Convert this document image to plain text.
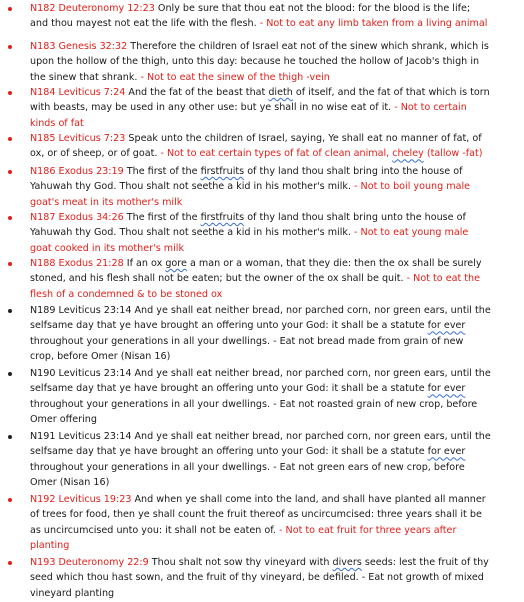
N182 Deuteronomy 12:23 Only be sure that thou eat not the blood: for the blood is the life;
and thou mayest not eat the life with the flesh. - Not to eat any limb taken from a living animal
N183 Genesis 32:32 Therefore the children of Israel eat not of the sinew which shrank, which is
upon the hollow of the thigh, unto this day: because he touched the hollow of Jacob's thigh in
the sinew that shrank. - Not to eat the sinew of the thigh -vein
N184 Leviticus 7:24 And the fat of the beast that dieth of itself, and the fat of that which is torn
with beasts, may be used in any other use: but ye shall in no wise eat of it. - Not to certain
kinds of fat
N185 Leviticus 7:23 Speak unto the children of Israel, saying, Ye shall eat no manner of fat, of
ox, or of sheep, or of goat. - Not to eat certain types of fat of clean animal, cheley (tallow -fat)
N186 Exodus 23:19 The first of the firstfruits of thy land thou shalt bring into the house of
Yahuwah thy God. Thou shalt not seethe a kid in his mother's milk. - Not to boil young male
goat's meat in its mother's milk
N187 Exodus 34:26 The first of the firstfruits of thy land thou shalt bring unto the house of
Yahuwah thy God. Thou shalt not seethe a kid in his mother's milk. - Not to eat young male
goat cooked in its mother's milk
N188 Exodus 21:28 If an ox gore a man or a woman, that they die: then the ox shall be surely
stoned, and his flesh shall not be eaten; but the owner of the ox shall be quit. - Not to eat the
flesh of a condemned & to be stoned ox
N189 Leviticus 23:14 And ye shall eat neither bread, nor parched corn, nor green ears, until the
selfsame day that ye have brought an offering unto your God: it shall be a statute for ever
throughout your generations in all your dwellings. - Eat not bread made from grain of new
crop, before Omer (Nisan 16)
N190 Leviticus 23:14 And ye shall eat neither bread, nor parched corn, nor green ears, until the
selfsame day that ye have brought an offering unto your God: it shall be a statute for ever
throughout your generations in all your dwellings. - Eat not roasted grain of new crop, before
Omer offering
N191 Leviticus 23:14 And ye shall eat neither bread, nor parched corn, nor green ears, until the
selfsame day that ye have brought an offering unto your God: it shall be a statute for ever
throughout your generations in all your dwellings. - Eat not green ears of new crop, before
Omer (Nisan 16)
N192 Leviticus 19:23 And when ye shall come into the land, and shall have planted all manner
of trees for food, then ye shall count the fruit thereof as uncircumcised: three years shall it be
as uncircumcised unto you: it shall not be eaten of. - Not to eat fruit for three years after
planting
N193 Deuteronomy 22:9 Thou shalt not sow thy vineyard with divers seeds: lest the fruit of thy
seed which thou hast sown, and the fruit of thy vineyard, be defiled. - Eat not growth of mixed
vineyard planting
